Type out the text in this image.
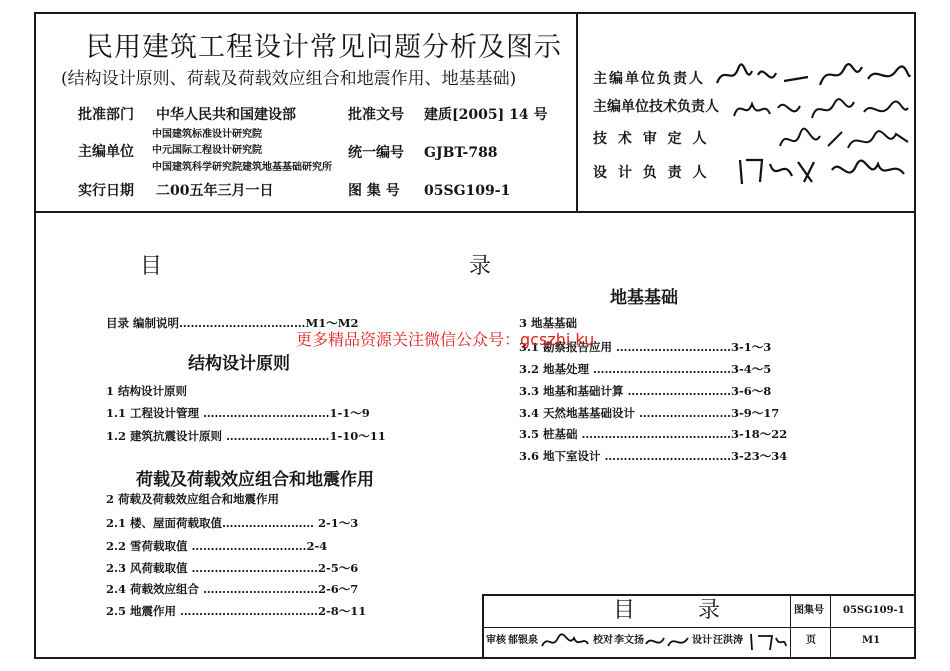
民用建筑工程设计常见问题分析及图示
(结构设计原则、荷载及荷载效应组合和地震作用、地基基础)
批准部门 中华人民共和国建设部	批准文号 建质[2005] 14 号
主编单位
中国建筑标准设计研究院
中元国际工程设计研究院
中国建筑科学研究院建筑地基基础研究所
统一编号 GJBT-788
实行日期 二00五年三月一日	图 集 号 05SG109-1
主编单位负责人
主编单位技术负责人
技 术 审 定 人
设 计 负 责 人
目 录
目录 编制说明……………………………M1～M2
结构设计原则
1 结构设计原则
1.1 工程设计管理 ……………………………1-1～9
1.2 建筑抗震设计原则 ………………………1-10～11
荷载及荷载效应组合和地震作用
2 荷载及荷载效应组合和地震作用
2.1 楼、屋面荷载取值…………………… 2-1～3
2.2 雪荷载取值 …………………………2-4
2.3 风荷载取值 ……………………………2-5～6
2.4 荷载效应组合 …………………………2-6～7
2.5 地震作用 ………………………………2-8～11
地基基础
3 地基基础
3.1 勘察报告应用 …………………………3-1～3
3.2 地基处理 ………………………………3-4～5
3.3 地基和基础计算 ………………………3-6～8
3.4 天然地基基础设计 ……………………3-9～17
3.5 桩基础 …………………………………3-18～22
3.6 地下室设计 ……………………………3-23～34
更多精品资源关注微信公众号：gcszhi ku
目 录	图集号 05SG109-1
页	M1
审核 郁银泉	校对 李文扬	设计 汪洪涛
